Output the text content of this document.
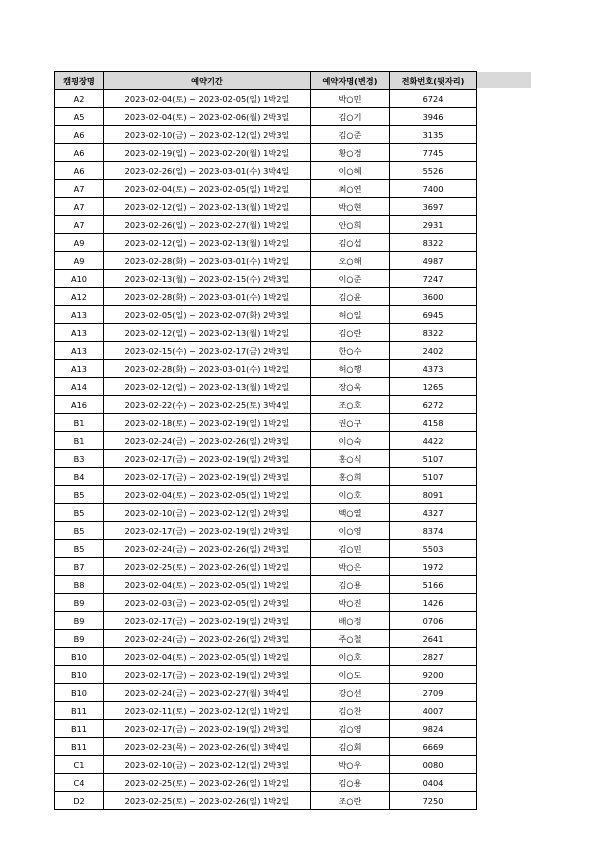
캠핑장명	예약기간	예약자명(변경)	전화번호(뒷자리)
A2	2023-02-04(토) ~ 2023-02-05(일) 1박2일	박○민	6724
A5	2023-02-04(토) ~ 2023-02-06(월) 2박3일	김○기	3946
A6	2023-02-10(금) ~ 2023-02-12(일) 2박3일	김○준	3135
A6	2023-02-19(일) ~ 2023-02-20(월) 1박2일	황○경	7745
A6	2023-02-26(일) ~ 2023-03-01(수) 3박4일	이○혜	5526
A7	2023-02-04(토) ~ 2023-02-05(일) 1박2일	최○연	7400
A7	2023-02-12(일) ~ 2023-02-13(월) 1박2일	박○현	3697
A7	2023-02-26(일) ~ 2023-02-27(월) 1박2일	안○희	2931
A9	2023-02-12(일) ~ 2023-02-13(월) 1박2일	김○섭	8322
A9	2023-02-28(화) ~ 2023-03-01(수) 1박2일	오○해	4987
A10	2023-02-13(월) ~ 2023-02-15(수) 2박3일	이○준	7247
A12	2023-02-28(화) ~ 2023-03-01(수) 1박2일	김○윤	3600
A13	2023-02-05(일) ~ 2023-02-07(화) 2박3일	허○일	6945
A13	2023-02-12(일) ~ 2023-02-13(월) 1박2일	김○란	8322
A13	2023-02-15(수) ~ 2023-02-17(금) 2박3일	한○수	2402
A13	2023-02-28(화) ~ 2023-03-01(수) 1박2일	허○행	4373
A14	2023-02-12(일) ~ 2023-02-13(월) 1박2일	장○욱	1265
A16	2023-02-22(수) ~ 2023-02-25(토) 3박4일	조○호	6272
B1	2023-02-18(토) ~ 2023-02-19(일) 1박2일	권○구	4158
B1	2023-02-24(금) ~ 2023-02-26(일) 2박3일	이○숙	4422
B3	2023-02-17(금) ~ 2023-02-19(일) 2박3일	홍○식	5107
B4	2023-02-17(금) ~ 2023-02-19(일) 2박3일	홍○희	5107
B5	2023-02-04(토) ~ 2023-02-05(일) 1박2일	이○호	8091
B5	2023-02-10(금) ~ 2023-02-12(일) 2박3일	백○열	4327
B5	2023-02-17(금) ~ 2023-02-19(일) 2박3일	이○영	8374
B5	2023-02-24(금) ~ 2023-02-26(일) 2박3일	김○민	5503
B7	2023-02-25(토) ~ 2023-02-26(일) 1박2일	박○은	1972
B8	2023-02-04(토) ~ 2023-02-05(일) 1박2일	김○용	5166
B9	2023-02-03(금) ~ 2023-02-05(일) 2박3일	박○진	1426
B9	2023-02-17(금) ~ 2023-02-19(일) 2박3일	배○정	0706
B9	2023-02-24(금) ~ 2023-02-26(일) 2박3일	주○철	2641
B10	2023-02-04(토) ~ 2023-02-05(일) 1박2일	이○호	2827
B10	2023-02-17(금) ~ 2023-02-19(일) 2박3일	이○도	9200
B10	2023-02-24(금) ~ 2023-02-27(월) 3박4일	강○선	2709
B11	2023-02-11(토) ~ 2023-02-12(일) 1박2일	김○찬	4007
B11	2023-02-17(금) ~ 2023-02-19(일) 2박3일	김○영	9824
B11	2023-02-23(목) ~ 2023-02-26(일) 3박4일	김○회	6669
C1	2023-02-10(금) ~ 2023-02-12(일) 2박3일	박○우	0080
C4	2023-02-25(토) ~ 2023-02-26(일) 1박2일	김○용	0404
D2	2023-02-25(토) ~ 2023-02-26(일) 1박2일	조○란	7250
